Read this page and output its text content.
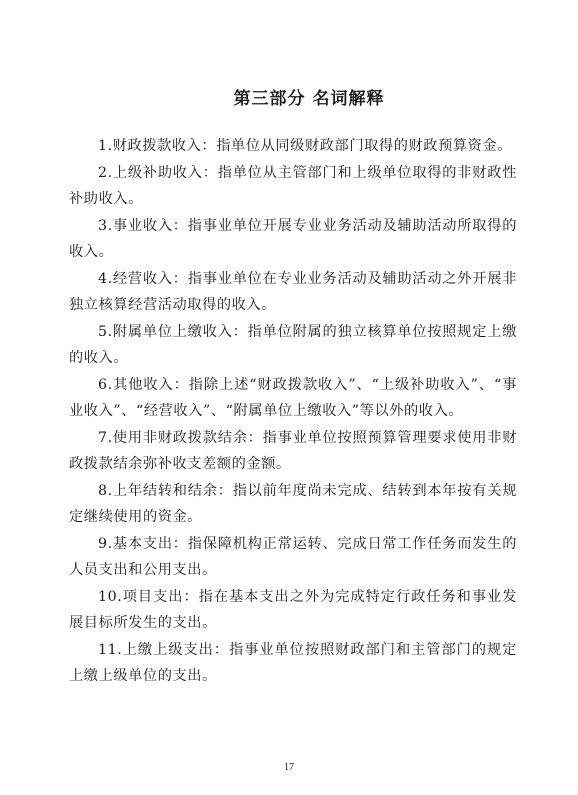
第三部分 名词解释

1.财政拨款收入：指单位从同级财政部门取得的财政预算资金。

2.上级补助收入：指单位从主管部门和上级单位取得的非财政性补助收入。

3.事业收入：指事业单位开展专业业务活动及辅助活动所取得的收入。

4.经营收入：指事业单位在专业业务活动及辅助活动之外开展非独立核算经营活动取得的收入。

5.附属单位上缴收入：指单位附属的独立核算单位按照规定上缴的收入。

6.其他收入：指除上述“财政拨款收入”、“上级补助收入”、“事业收入”、“经营收入”、“附属单位上缴收入”等以外的收入。

7.使用非财政拨款结余：指事业单位按照预算管理要求使用非财政拨款结余弥补收支差额的金额。

8.上年结转和结余：指以前年度尚未完成、结转到本年按有关规定继续使用的资金。

9.基本支出：指保障机构正常运转、完成日常工作任务而发生的人员支出和公用支出。

10.项目支出：指在基本支出之外为完成特定行政任务和事业发展目标所发生的支出。

11.上缴上级支出：指事业单位按照财政部门和主管部门的规定上缴上级单位的支出。

17
